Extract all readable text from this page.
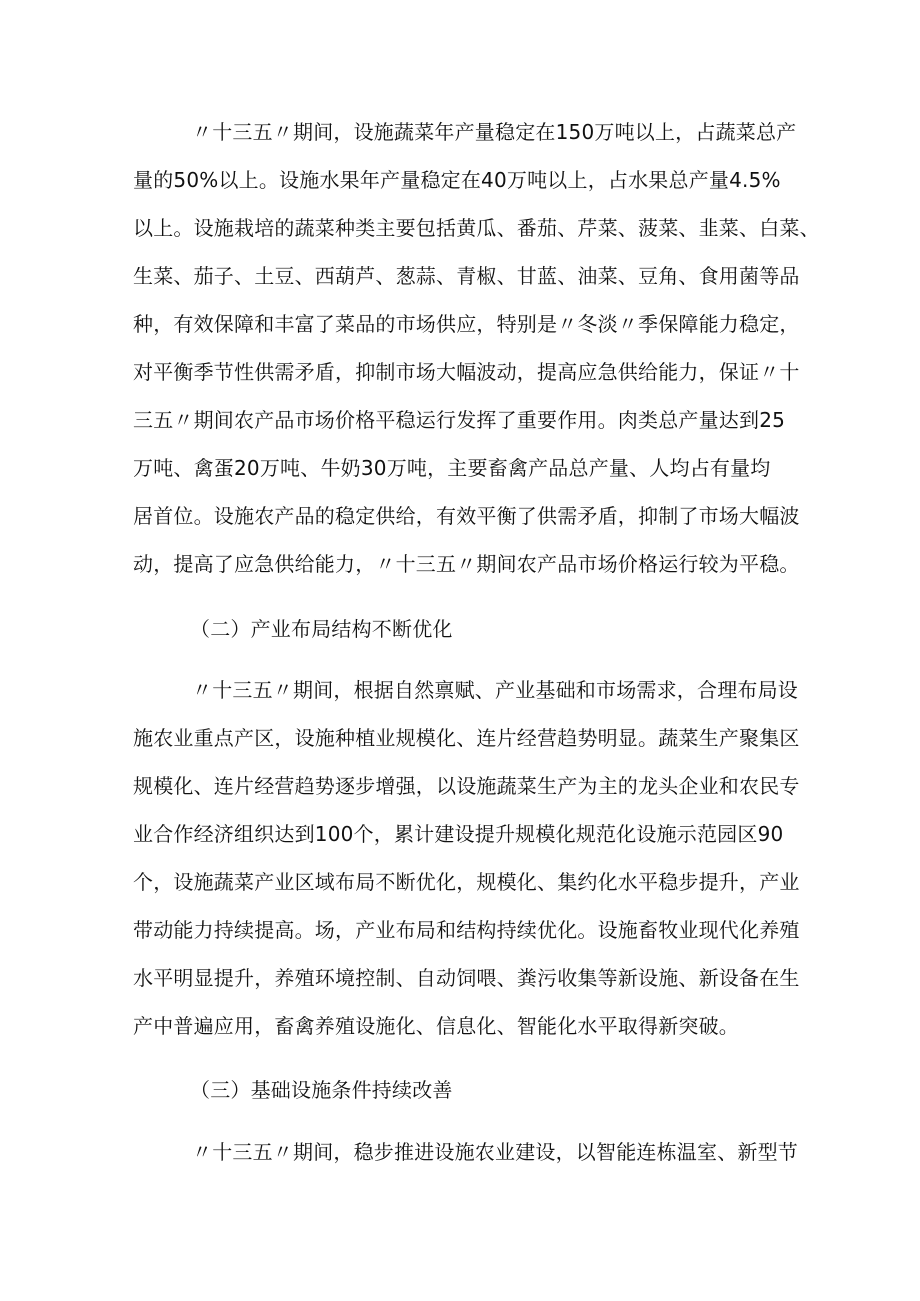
〃十三五〃期间，设施蔬菜年产量稳定在150万吨以上，占蔬菜总产
量的50%以上。设施水果年产量稳定在40万吨以上，占水果总产量4.5%
以上。设施栽培的蔬菜种类主要包括黄瓜、番茄、芹菜、菠菜、韭菜、白菜、
生菜、茄子、土豆、西葫芦、葱蒜、青椒、甘蓝、油菜、豆角、食用菌等品
种，有效保障和丰富了菜品的市场供应，特别是〃冬淡〃季保障能力稳定，
对平衡季节性供需矛盾，抑制市场大幅波动，提高应急供给能力，保证〃十
三五〃期间农产品市场价格平稳运行发挥了重要作用。肉类总产量达到25
万吨、禽蛋20万吨、牛奶30万吨，主要畜禽产品总产量、人均占有量均
居首位。设施农产品的稳定供给，有效平衡了供需矛盾，抑制了市场大幅波
动，提高了应急供给能力，〃十三五〃期间农产品市场价格运行较为平稳。
（二）产业布局结构不断优化
〃十三五〃期间，根据自然禀赋、产业基础和市场需求，合理布局设
施农业重点产区，设施种植业规模化、连片经营趋势明显。蔬菜生产聚集区
规模化、连片经营趋势逐步增强，以设施蔬菜生产为主的龙头企业和农民专
业合作经济组织达到100个，累计建设提升规模化规范化设施示范园区90
个，设施蔬菜产业区域布局不断优化，规模化、集约化水平稳步提升，产业
带动能力持续提高。场，产业布局和结构持续优化。设施畜牧业现代化养殖
水平明显提升，养殖环境控制、自动饲喂、粪污收集等新设施、新设备在生
产中普遍应用，畜禽养殖设施化、信息化、智能化水平取得新突破。
（三）基础设施条件持续改善
〃十三五〃期间，稳步推进设施农业建设，以智能连栋温室、新型节
